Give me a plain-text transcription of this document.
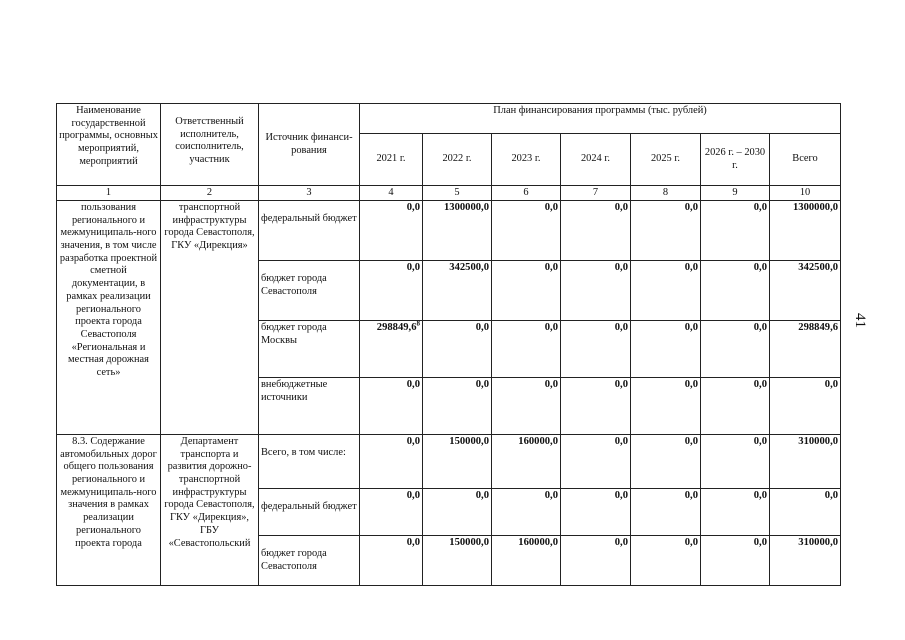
Наименование государственной программы, основных мероприятий, мероприятий	Ответственный исполнитель, соисполнитель, участник	Источник финанси-рования	План финансирования программы (тыс. рублей)						
			2021 г.	2022 г.	2023 г.	2024 г.	2025 г.	2026 г. – 2030 г.	Всего
1	2	3	4	5	6	7	8	9	10
пользования регионального и межмуниципаль-ного значения, в том числе разработка проектной сметной документации, в рамках реализации регионального проекта города Севастополя «Региональная и местная дорожная сеть»	транспортной инфраструктуры города Севастополя, ГКУ «Дирекция»	федеральный бюджет	0,0	1300000,0	0,0	0,0	0,0	0,0	1300000,0
		бюджет города Севастополя	0,0	342500,0	0,0	0,0	0,0	0,0	342500,0
		бюджет города Москвы	298849,6$^8$	0,0	0,0	0,0	0,0	0,0	298849,6
		внебюджетные источники	0,0	0,0	0,0	0,0	0,0	0,0	0,0
8.3. Содержание автомобильных дорог общего пользования регионального и межмуниципаль-ного значения в рамках реализации регионального проекта города	Департамент транспорта и развития дорожно-транспортной инфраструктуры города Севастополя, ГКУ «Дирекция», ГБУ «Севастопольский	Всего, в том числе:	0,0	150000,0	160000,0	0,0	0,0	0,0	310000,0
		федеральный бюджет	0,0	0,0	0,0	0,0	0,0	0,0	0,0
		бюджет города Севастополя	0,0	150000,0	160000,0	0,0	0,0	0,0	310000,0
41
